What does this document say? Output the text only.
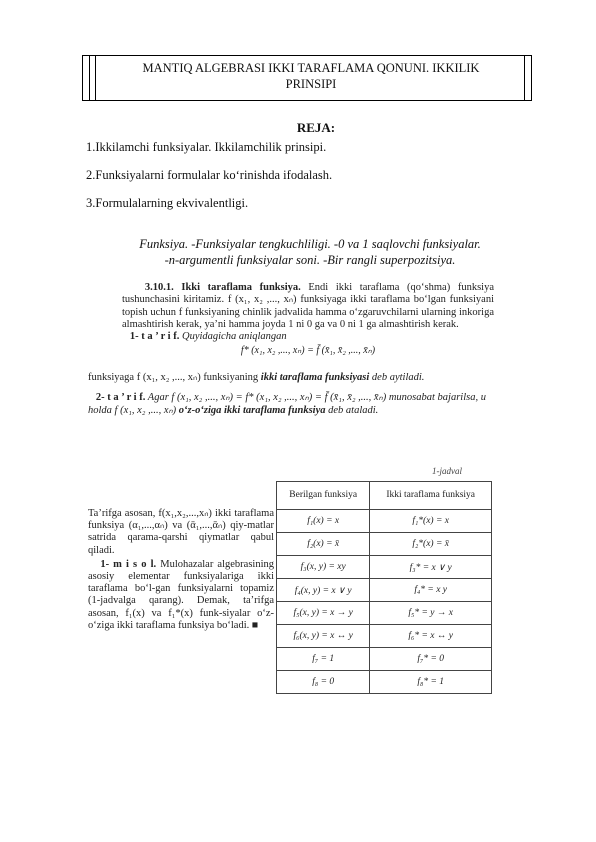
MANTIQ ALGEBRASI IKKI TARAFLAMA QONUNI. IKKILIK
PRINSIPI
REJA:
1.Ikkilamchi funksiyalar. Ikkilamchilik prinsipi.
2.Funksiyalarni formulalar ko‘rinishda ifodalash.
3.Formulalarning ekvivalentligi.
Funksiya. -Funksiyalar tengkuchliligi. -0 va 1 saqlovchi funksiyalar.
-n-argumentli funksiyalar soni. -Bir rangli superpozitsiya.
3.10.1. Ikki taraflama funksiya. Endi ikki taraflama (qo‘shma) funksiya tushunchasini kiritamiz. f (x₁, x₂ ,..., xₙ) funksiyaga ikki taraflama bo‘lgan funksiyani topish uchun f funksiyaning chinlik jadvalida hamma o‘zgaruvchilarni ularning inkoriga almashtirish kerak, ya’ni hamma joyda 1 ni 0 ga va 0 ni 1 ga almashtirish kerak.
1- t a ’ r i f. Quyidagicha aniqlangan
f* (x₁, x₂ ,..., xₙ) = f̄ (x̄₁, x̄₂ ,..., x̄ₙ)
funksiyaga f (x₁, x₂ ,..., xₙ) funksiyaning ikki taraflama funksiyasi deb aytiladi.
2- t a ’ r i f. Agar f (x₁, x₂ ,..., xₙ) = f* (x₁, x₂ ,..., xₙ) = f̄ (x̄₁, x̄₂ ,..., x̄ₙ) munosabat bajarilsa, u holda f (x₁, x₂ ,..., xₙ) o‘z-o‘ziga ikki taraflama funksiya deb ataladi.

Ta’rifga asosan, f(x₁,x₂,...,xₙ) ikki taraflama funksiya (α₁,...,αₙ) va (ᾱ₁,...,ᾱₙ) qiy-matlar satrida qarama-qarshi qiymatlar qabul qiladi.

1- m i s o l. Mulohazalar algebrasining asosiy elementar funksiyalariga ikki taraflama bo‘l-gan funksiyalarni topamiz (1-jadvalga qarang). Demak, ta’rifga asosan, f₁(x) va f₁*(x) funk-siyalar o‘z-o‘ziga ikki taraflama funksiya bo‘ladi. ■

1-jadval
Berilgan funksiya	Ikki taraflama funksiya
f₁(x) = x	f₁*(x) = x
f₂(x) = x̄	f₂*(x) = x̄
f₃(x, y) = xy	f₃* = x ∨ y
f₄(x, y) = x ∨ y	f₄* = x y
f₅(x, y) = x → y	f₅* = y → x
f₆(x, y) = x ↔ y	f₆* = x ↔ y
f₇ = 1	f₇* = 0
f₈ = 0	f₈* = 1
